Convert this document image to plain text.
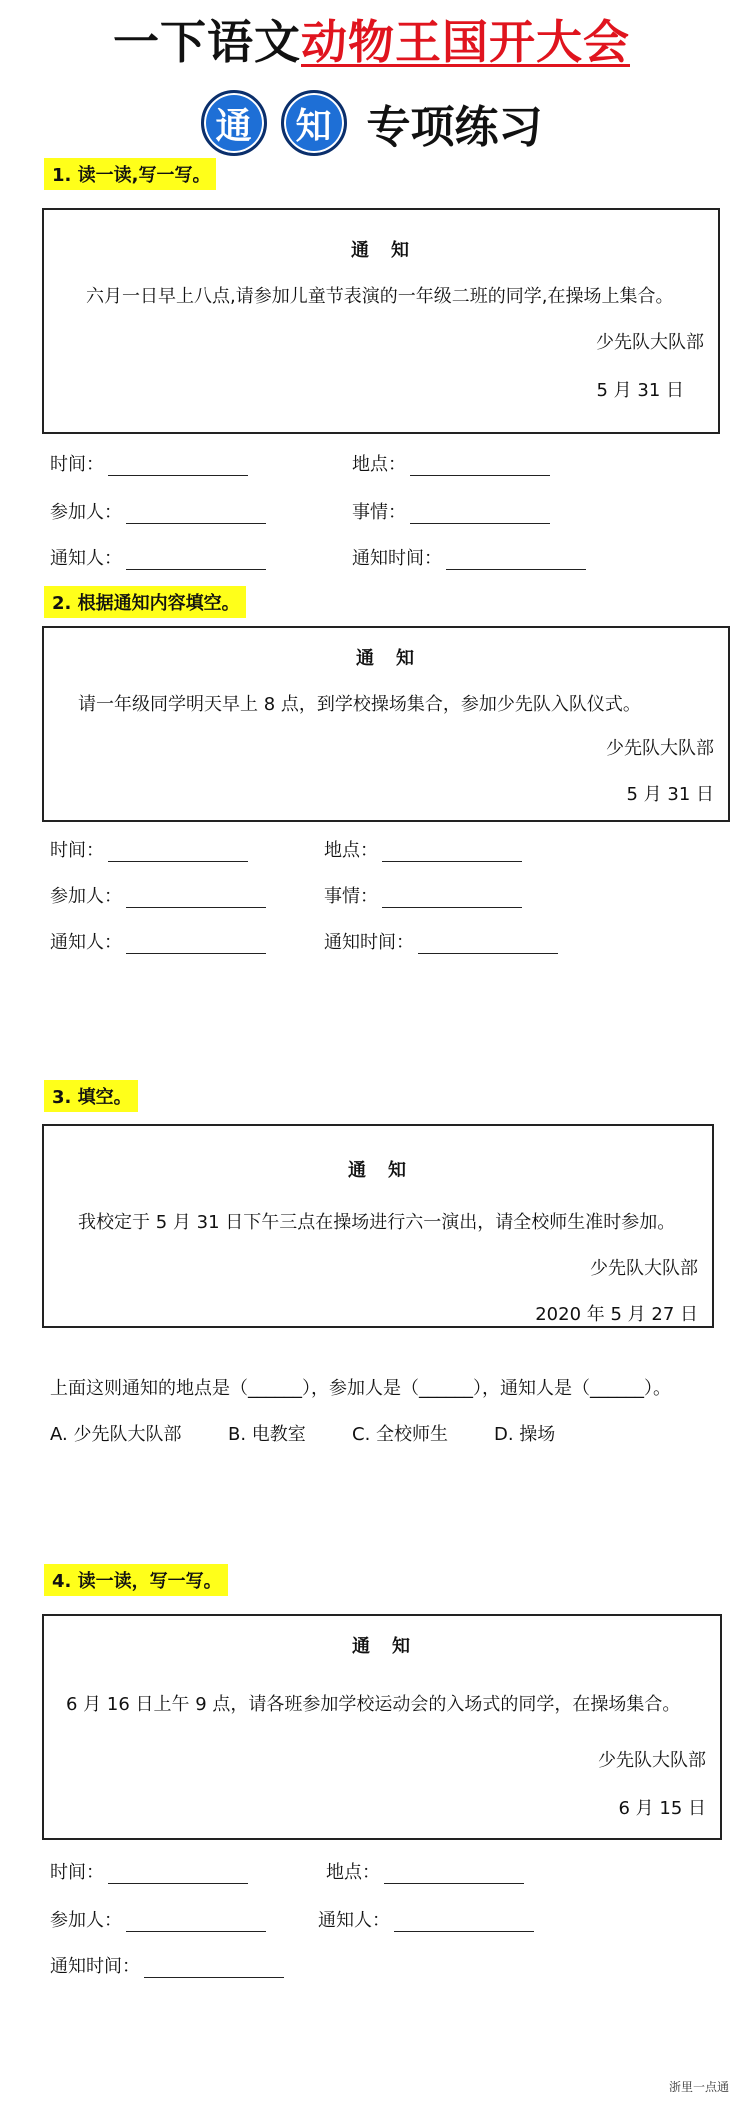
一下语文动物王国开大会
通	知 专项练习
1. 读一读,写一写。
通　知
六月一日早上八点,请参加儿童节表演的一年级二班的同学,在操场上集合。
少先队大队部
5 月 31 日
时间：	地点：
参加人：	事情：
通知人：	通知时间：
2. 根据通知内容填空。
通　知
请一年级同学明天早上 8 点，到学校操场集合，参加少先队入队仪式。
少先队大队部
5 月 31 日
时间：	地点：
参加人：	事情：
通知人：	通知时间：
3. 填空。
通　知
我校定于 5 月 31 日下午三点在操场进行六一演出，请全校师生准时参加。
少先队大队部
2020 年 5 月 27 日
上面这则通知的地点是（______），参加人是（______），通知人是（______）。
A. 少先队大队部	B. 电教室	C. 全校师生	D. 操场
4. 读一读，写一写。
通　知
6 月 16 日上午 9 点，请各班参加学校运动会的入场式的同学，在操场集合。
少先队大队部
6 月 15 日
时间：	地点：
参加人：	通知人：
通知时间：
浙里一点通
